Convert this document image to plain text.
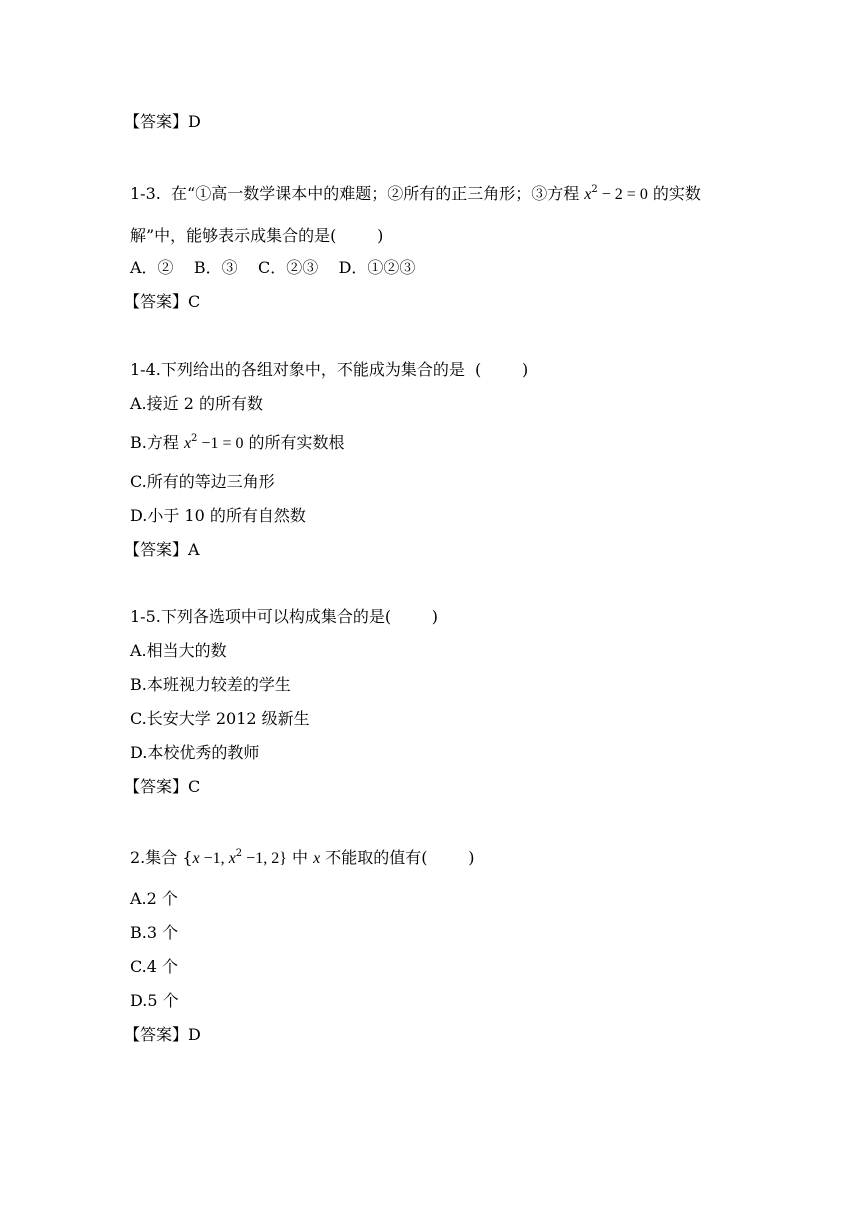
【答案】D
1-3.  在“①高一数学课本中的难题；②所有的正三角形；③方程 $x^2 - 2 = 0$ 的实数
解”中，能够表示成集合的是(        )
A．②    B．③    C．②③    D．①②③
【答案】C
1-4.下列给出的各组对象中，不能成为集合的是  (        )
A.接近 2 的所有数
B.方程 $x^2 -1 = 0$ 的所有实数根
C.所有的等边三角形
D.小于 10 的所有自然数
【答案】A
1-5.下列各选项中可以构成集合的是(        )
A.相当大的数
B.本班视力较差的学生
C.长安大学 2012 级新生
D.本校优秀的教师
【答案】C
2.集合 {x −1, $x^2 -1$, 2} 中 x 不能取的值有(        )
A.2 个
B.3 个
C.4 个
D.5 个
【答案】D
